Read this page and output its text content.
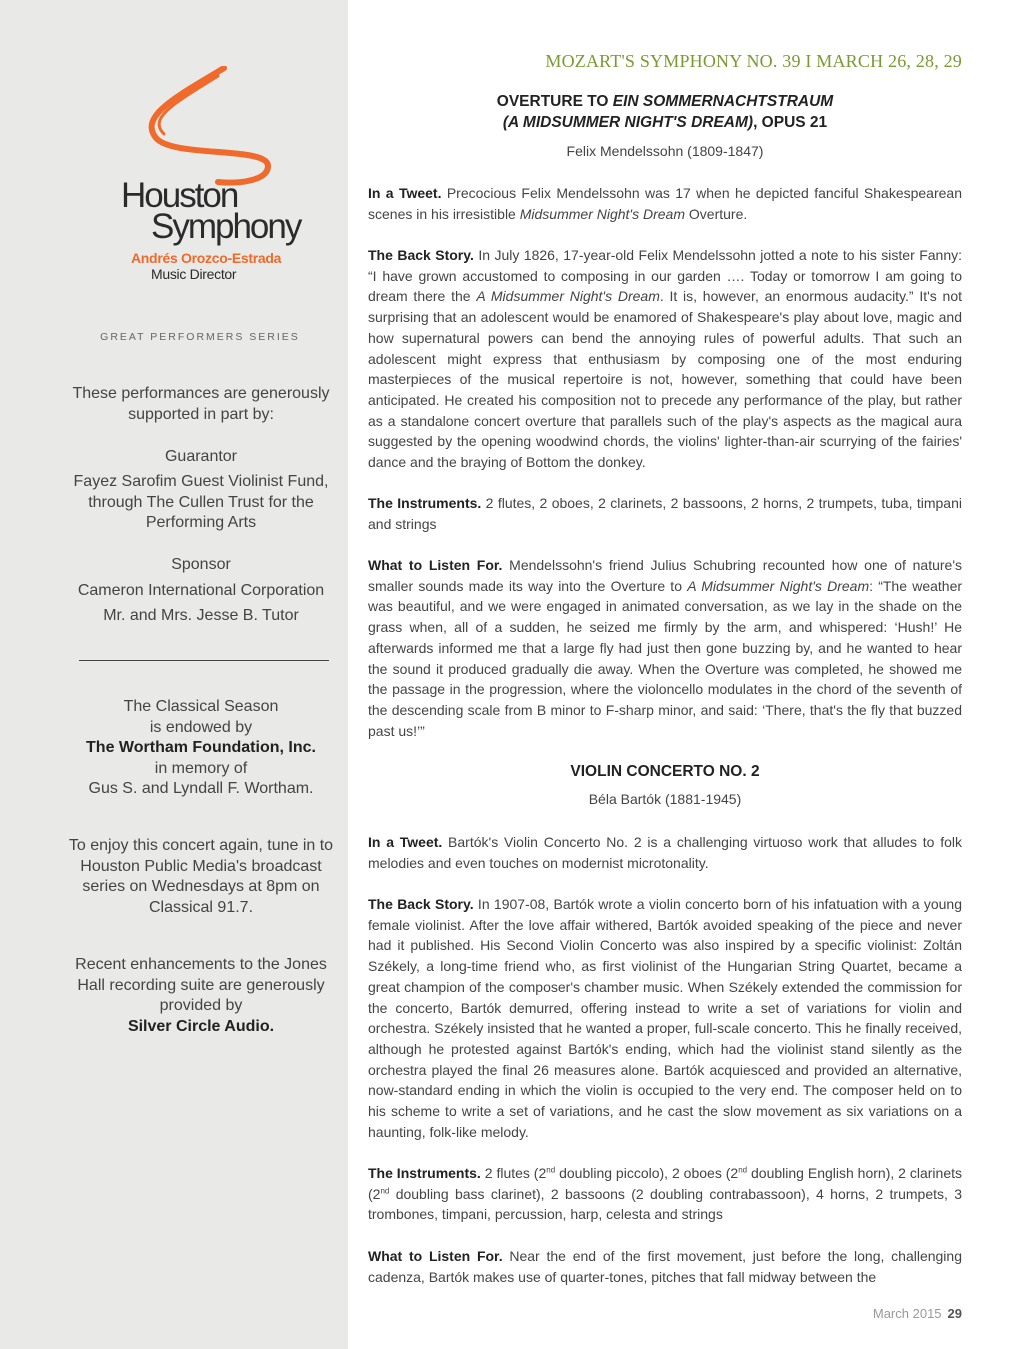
Houston
Symphony
Andrés Orozco-Estrada
Music Director
GREAT PERFORMERS SERIES
These performances are generously supported in part by:
Guarantor
Fayez Sarofim Guest Violinist Fund, through The Cullen Trust for the Performing Arts
Sponsor
Cameron International Corporation
Mr. and Mrs. Jesse B. Tutor
The Classical Season
is endowed by
The Wortham Foundation, Inc.
in memory of
Gus S. and Lyndall F. Wortham.
To enjoy this concert again, tune in to Houston Public Media's broadcast series on Wednesdays at 8pm on Classical 91.7.
Recent enhancements to the Jones Hall recording suite are generously provided by
Silver Circle Audio.
MOZART'S SYMPHONY NO. 39 I MARCH 26, 28, 29
OVERTURE TO EIN SOMMERNACHTSTRAUM
(A MIDSUMMER NIGHT'S DREAM), OPUS 21
Felix Mendelssohn (1809-1847)
In a Tweet. Precocious Felix Mendelssohn was 17 when he depicted fanciful Shakespearean scenes in his irresistible Midsummer Night's Dream Overture.
The Back Story. In July 1826, 17-year-old Felix Mendelssohn jotted a note to his sister Fanny: “I have grown accustomed to composing in our garden …. Today or tomorrow I am going to dream there the A Midsummer Night's Dream. It is, however, an enormous audacity.” It's not surprising that an adolescent would be enamored of Shakespeare's play about love, magic and how supernatural powers can bend the annoying rules of powerful adults. That such an adolescent might express that enthusiasm by composing one of the most enduring masterpieces of the musical repertoire is not, however, something that could have been anticipated. He created his composition not to precede any performance of the play, but rather as a standalone concert overture that parallels such of the play's aspects as the magical aura suggested by the opening woodwind chords, the violins' lighter-than-air scurrying of the fairies' dance and the braying of Bottom the donkey.
The Instruments. 2 flutes, 2 oboes, 2 clarinets, 2 bassoons, 2 horns, 2 trumpets, tuba, timpani and strings
What to Listen For. Mendelssohn's friend Julius Schubring recounted how one of nature's smaller sounds made its way into the Overture to A Midsummer Night's Dream: “The weather was beautiful, and we were engaged in animated conversation, as we lay in the shade on the grass when, all of a sudden, he seized me firmly by the arm, and whispered: ‘Hush!’ He afterwards informed me that a large fly had just then gone buzzing by, and he wanted to hear the sound it produced gradually die away. When the Overture was completed, he showed me the passage in the progression, where the violoncello modulates in the chord of the seventh of the descending scale from B minor to F-sharp minor, and said: ‘There, that's the fly that buzzed past us!’”
VIOLIN CONCERTO NO. 2
Béla Bartók (1881-1945)
In a Tweet. Bartók's Violin Concerto No. 2 is a challenging virtuoso work that alludes to folk melodies and even touches on modernist microtonality.
The Back Story. In 1907-08, Bartók wrote a violin concerto born of his infatuation with a young female violinist. After the love affair withered, Bartók avoided speaking of the piece and never had it published. His Second Violin Concerto was also inspired by a specific violinist: Zoltán Székely, a long-time friend who, as first violinist of the Hungarian String Quartet, became a great champion of the composer's chamber music. When Székely extended the commission for the concerto, Bartók demurred, offering instead to write a set of variations for violin and orchestra. Székely insisted that he wanted a proper, full-scale concerto. This he finally received, although he protested against Bartók's ending, which had the violinist stand silently as the orchestra played the final 26 measures alone. Bartók acquiesced and provided an alternative, now-standard ending in which the violin is occupied to the very end. The composer held on to his scheme to write a set of variations, and he cast the slow movement as six variations on a haunting, folk-like melody.
The Instruments. 2 flutes (2nd doubling piccolo), 2 oboes (2nd doubling English horn), 2 clarinets (2nd doubling bass clarinet), 2 bassoons (2 doubling contrabassoon), 4 horns, 2 trumpets, 3 trombones, timpani, percussion, harp, celesta and strings
What to Listen For. Near the end of the first movement, just before the long, challenging cadenza, Bartók makes use of quarter-tones, pitches that fall midway between the
March 2015 29
